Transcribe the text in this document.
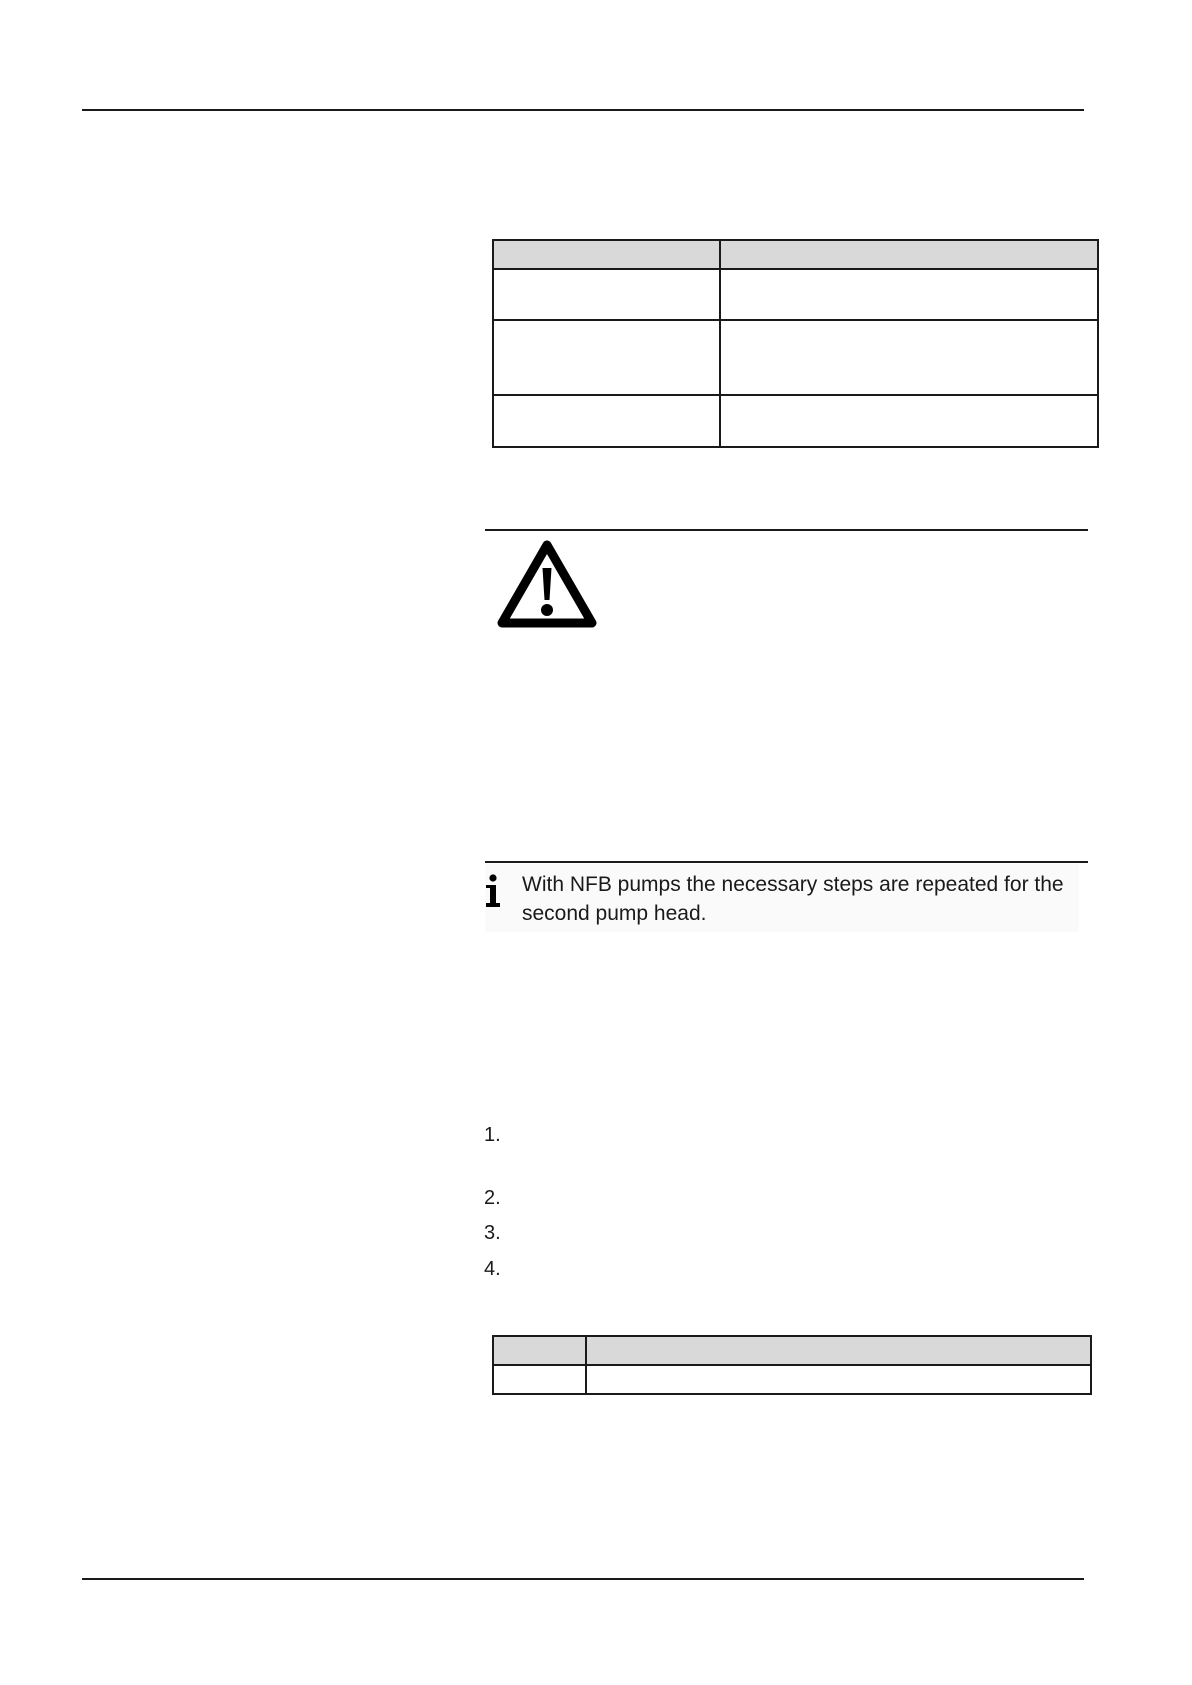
With NFB pumps the necessary steps are repeated for the second pump head.
1.
2.
3.
4.
